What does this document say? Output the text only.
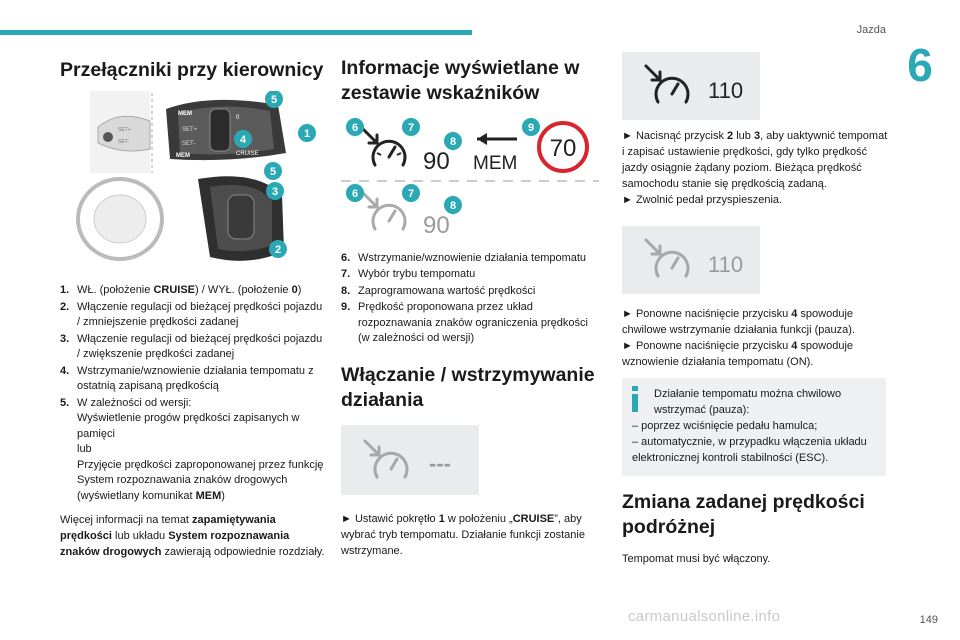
Jazda
6
Przełączniki przy kierownicy
SET+
SET-
MEM
SET+
SET-
0
CRUISE
MEM
5
4	1
5
3
2
1. WŁ. (położenie CRUISE) / WYŁ. (położenie 0)
2. Włączenie regulacji od bieżącej prędkości pojazdu / zmniejszenie prędkości zadanej
3. Włączenie regulacji od bieżącej prędkości pojazdu / zwiększenie prędkości zadanej
4. Wstrzymanie/wznowienie działania tempomatu z ostatnią zapisaną prędkością
5. W zależności od wersji:
Wyświetlenie progów prędkości zapisanych w pamięci
lub
Przyjęcie prędkości zaproponowanej przez funkcję System rozpoznawania znaków drogowych (wyświetlany komunikat MEM)

Więcej informacji na temat zapamiętywania prędkości lub układu System rozpoznawania znaków drogowych zawierają odpowiednie rozdziały.

Informacje wyświetlane w zestawie wskaźników
90 MEM
70
6	7
8
9
90
6	7
8
6. Wstrzymanie/wznowienie działania tempomatu
7. Wybór trybu tempomatu
8. Zaprogramowana wartość prędkości
9. Prędkość proponowana przez układ rozpoznawania znaków ograniczenia prędkości (w zależności od wersji)
Włączanie / wstrzymywanie działania
---

► Ustawić pokrętło 1 w położeniu „CRUISE”, aby wybrać tryb tempomatu. Działanie funkcji zostanie wstrzymane.

110

► Nacisnąć przycisk 2 lub 3, aby uaktywnić tempomat i zapisać ustawienie prędkości, gdy tylko prędkość jazdy osiągnie żądany poziom. Bieżąca prędkość samochodu stanie się prędkością zadaną.
► Zwolnić pedał przyspieszenia.

110

► Ponowne naciśnięcie przycisku 4 spowoduje chwilowe wstrzymanie działania funkcji (pauza).
► Ponowne naciśnięcie przycisku 4 spowoduje wznowienie działania tempomatu (ON).

Działanie tempomatu można chwilowo wstrzymać (pauza):
– poprzez wciśnięcie pedału hamulca;
– automatycznie, w przypadku włączenia układu elektronicznej kontroli stabilności (ESC).
Zmiana zadanej prędkości podróżnej

Tempomat musi być włączony.

carmanualsonline.info	149
